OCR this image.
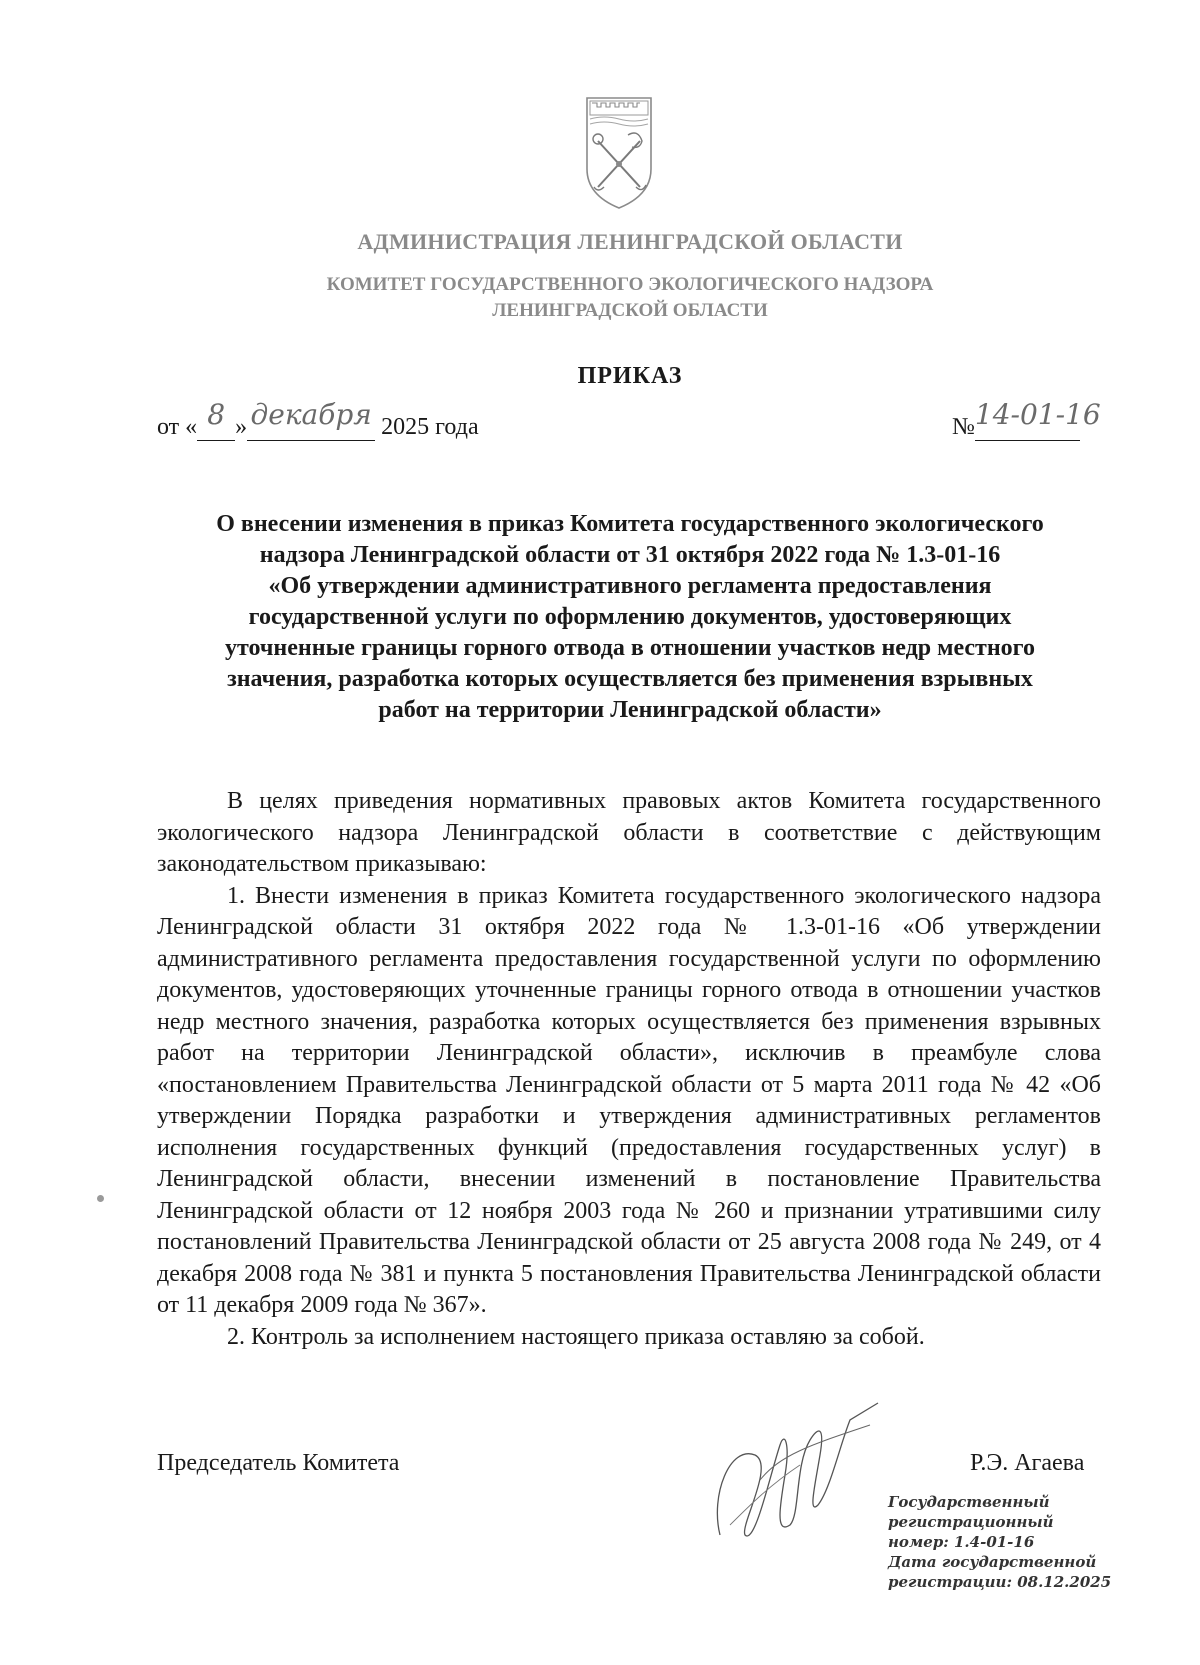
АДМИНИСТРАЦИЯ ЛЕНИНГРАДСКОЙ ОБЛАСТИ
КОМИТЕТ ГОСУДАРСТВЕННОГО ЭКОЛОГИЧЕСКОГО НАДЗОРА
ЛЕНИНГРАДСКОЙ ОБЛАСТИ
ПРИКАЗ
от « 8 » декабря 2025 года	№14-01-16
О внесении изменения в приказ Комитета государственного экологического
надзора Ленинградской области от 31 октября 2022 года № 1.3-01-16
«Об утверждении административного регламента предоставления
государственной услуги по оформлению документов, удостоверяющих
уточненные границы горного отвода в отношении участков недр местного
значения, разработка которых осуществляется без применения взрывных
работ на территории Ленинградской области»

В целях приведения нормативных правовых актов Комитета государственного экологического надзора Ленинградской области в соответствие с действующим законодательством приказываю:

1. Внести изменения в приказ Комитета государственного экологического надзора Ленинградской области 31 октября 2022 года № 1.3-01-16 «Об утверждении административного регламента предоставления государственной услуги по оформлению документов, удостоверяющих уточненные границы горного отвода в отношении участков недр местного значения, разработка которых осуществляется без применения взрывных работ на территории Ленинградской области», исключив в преамбуле слова «постановлением Правительства Ленинградской области от 5 марта 2011 года № 42 «Об утверждении Порядка разработки и утверждения административных регламентов исполнения государственных функций (предоставления государственных услуг) в Ленинградской области, внесении изменений в постановление Правительства Ленинградской области от 12 ноября 2003 года № 260 и признании утратившими силу постановлений Правительства Ленинградской области от 25 августа 2008 года № 249, от 4 декабря 2008 года № 381 и пункта 5 постановления Правительства Ленинградской области от 11 декабря 2009 года № 367».

2. Контроль за исполнением настоящего приказа оставляю за собой.

Председатель Комитета	Р.Э. Агаева
Государственный
регистрационный
номер: 1.4-01-16
Дата государственной
регистрации: 08.12.2025
